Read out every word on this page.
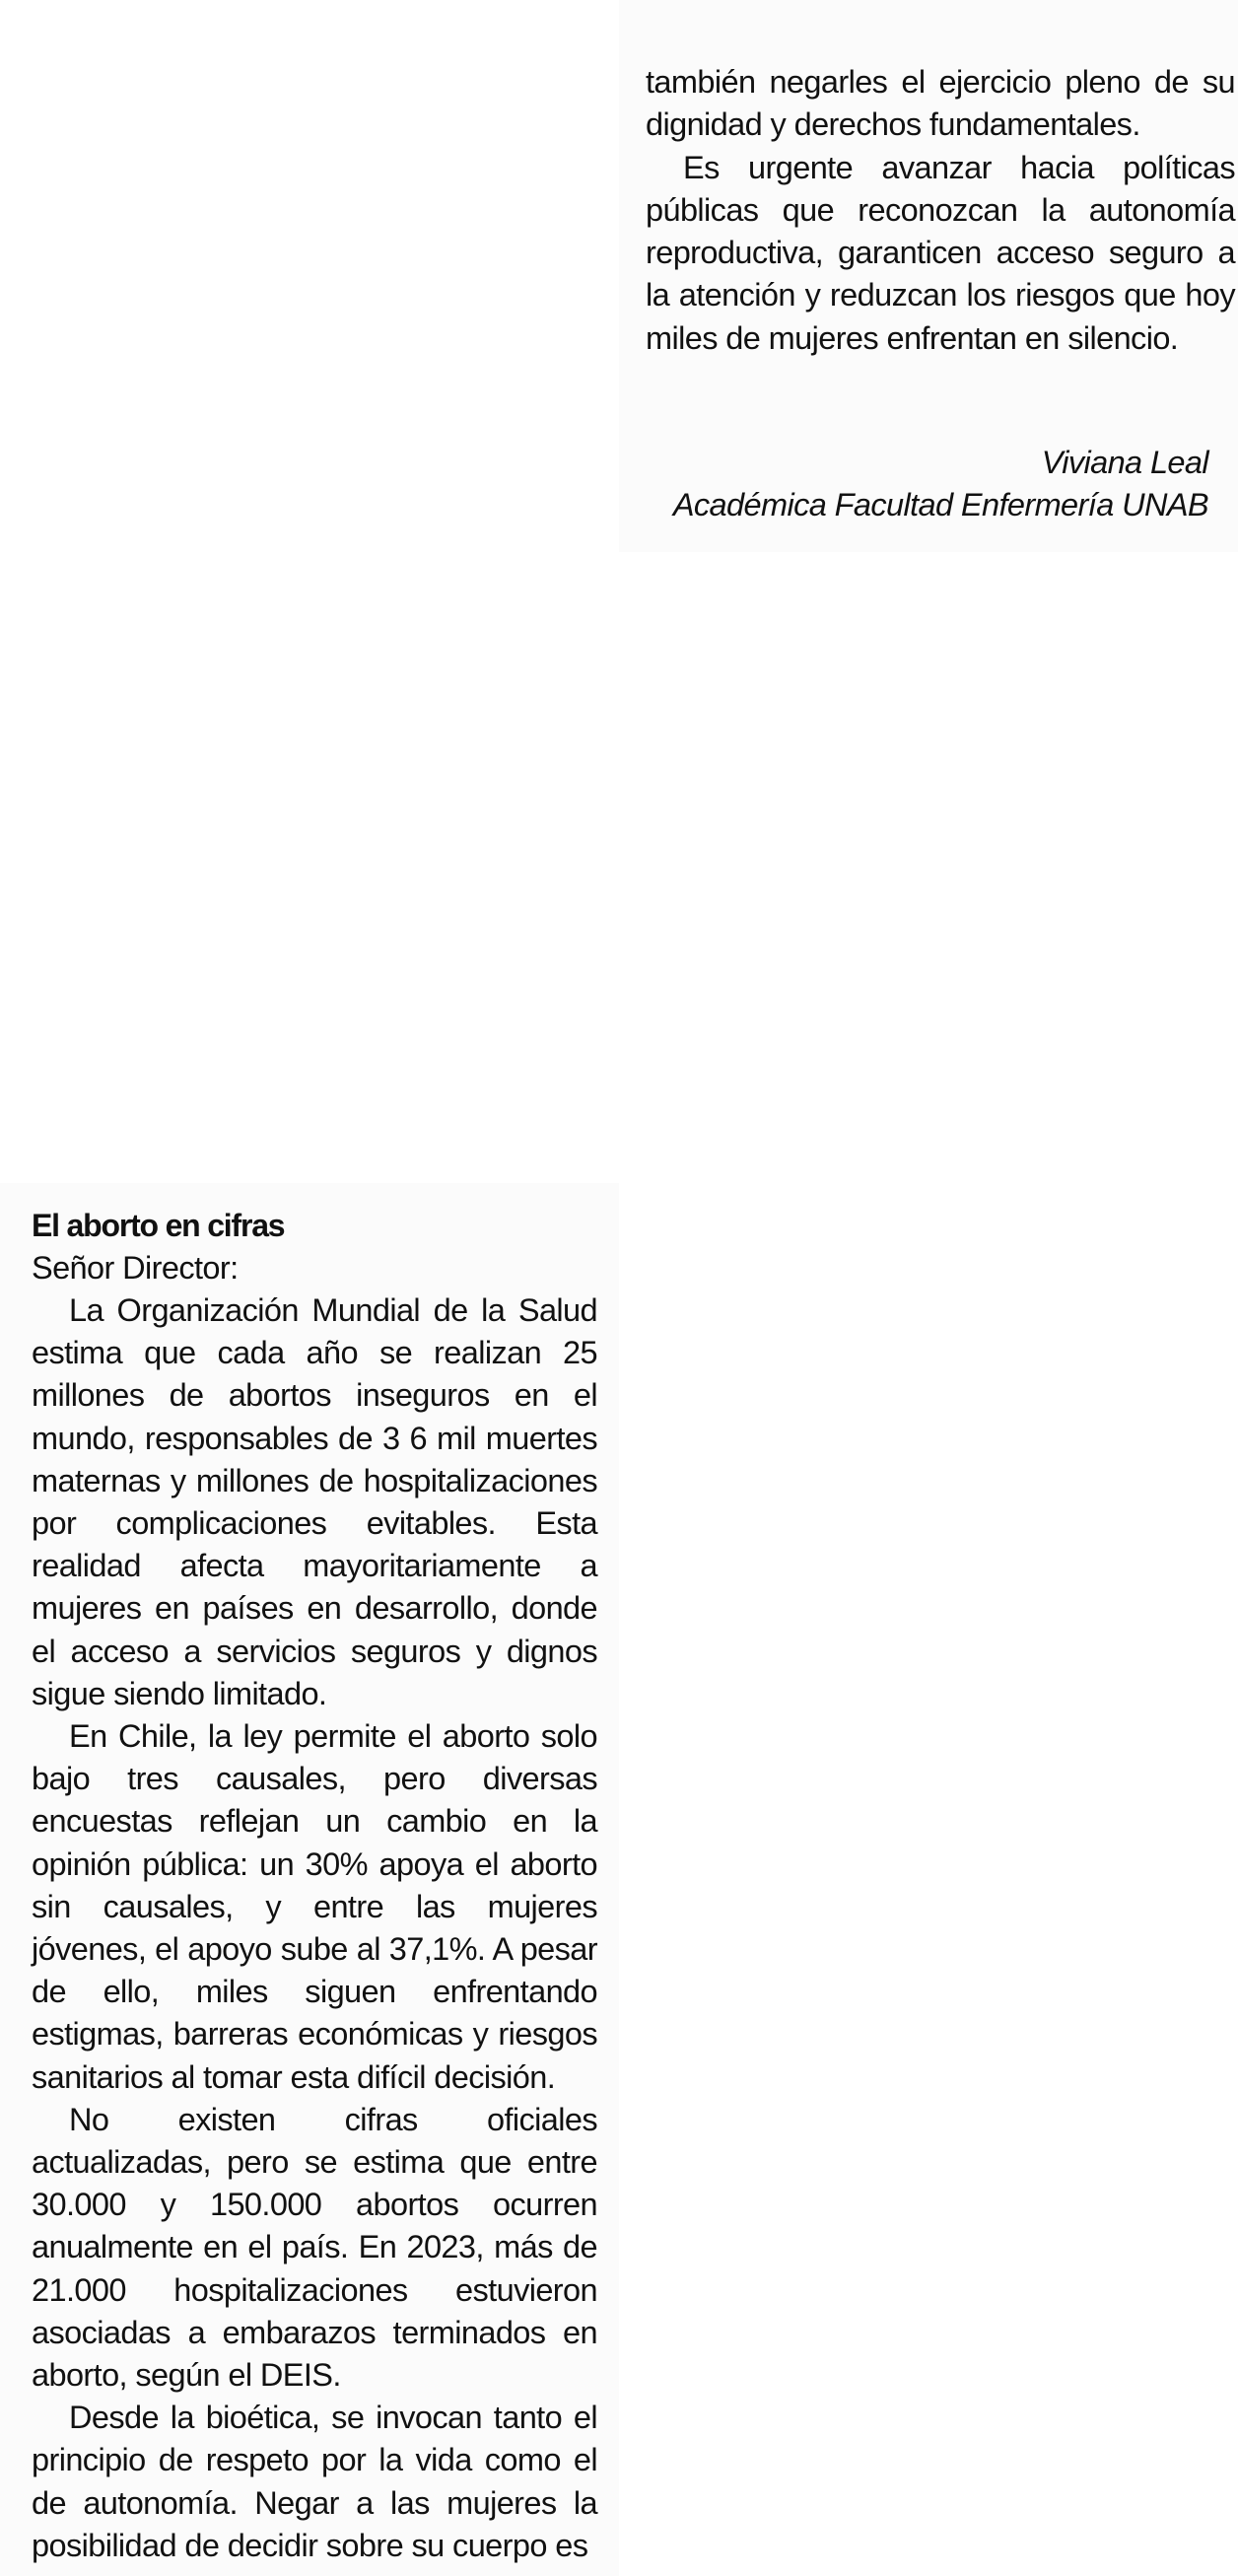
también negarles el ejercicio pleno de su dignidad y derechos fundamentales.

Es urgente avanzar hacia políticas públicas que reconozcan la autonomía reproductiva, garanticen acceso seguro a la atención y reduzcan los riesgos que hoy miles de mujeres enfrentan en silencio.

Viviana Leal
Académica Facultad Enfermería UNAB
El aborto en cifras
Señor Director:

La Organización Mundial de la Salud estima que cada año se realizan 25 millones de abortos inseguros en el mundo, responsables de 3 6 mil muertes maternas y millones de hospitalizaciones por complicaciones evitables. Esta realidad afecta mayoritariamente a mujeres en países en desarrollo, donde el acceso a servicios seguros y dignos sigue siendo limitado.

En Chile, la ley permite el aborto solo bajo tres causales, pero diversas encuestas reflejan un cambio en la opinión pública: un 30% apoya el aborto sin causales, y entre las mujeres jóvenes, el apoyo sube al 37,1%. A pesar de ello, miles siguen enfrentando estigmas, barreras económicas y riesgos sanitarios al tomar esta difícil decisión.

No existen cifras oficiales actualizadas, pero se estima que entre 30.000 y 150.000 abortos ocurren anualmente en el país. En 2023, más de 21.000 hospitalizaciones estuvieron asociadas a embarazos terminados en aborto, según el DEIS.

Desde la bioética, se invocan tanto el principio de respeto por la vida como el de autonomía. Negar a las mujeres la posibilidad de decidir sobre su cuerpo es
